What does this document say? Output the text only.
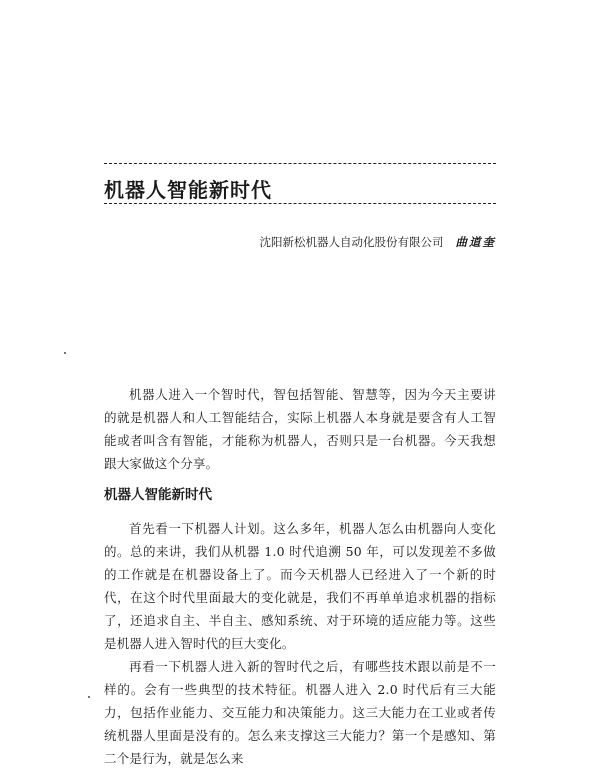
机器人智能新时代
沈阳新松机器人自动化股份有限公司 曲道奎

机器人进入一个智时代，智包括智能、智慧等，因为今天主要讲的就是机器人和人工智能结合，实际上机器人本身就是要含有人工智能或者叫含有智能，才能称为机器人，否则只是一台机器。今天我想跟大家做这个分享。

机器人智能新时代

首先看一下机器人计划。这么多年，机器人怎么由机器向人变化的。总的来讲，我们从机器 1.0 时代追溯 50 年，可以发现差不多做的工作就是在机器设备上了。而今天机器人已经进入了一个新的时代，在这个时代里面最大的变化就是，我们不再单单追求机器的指标了，还追求自主、半自主、感知系统、对于环境的适应能力等。这些是机器人进入智时代的巨大变化。

再看一下机器人进入新的智时代之后，有哪些技术跟以前是不一样的。会有一些典型的技术特征。机器人进入 2.0 时代后有三大能力，包括作业能力、交互能力和决策能力。这三大能力在工业或者传统机器人里面是没有的。怎么来支撑这三大能力？第一个是感知、第二个是行为，就是怎么来
